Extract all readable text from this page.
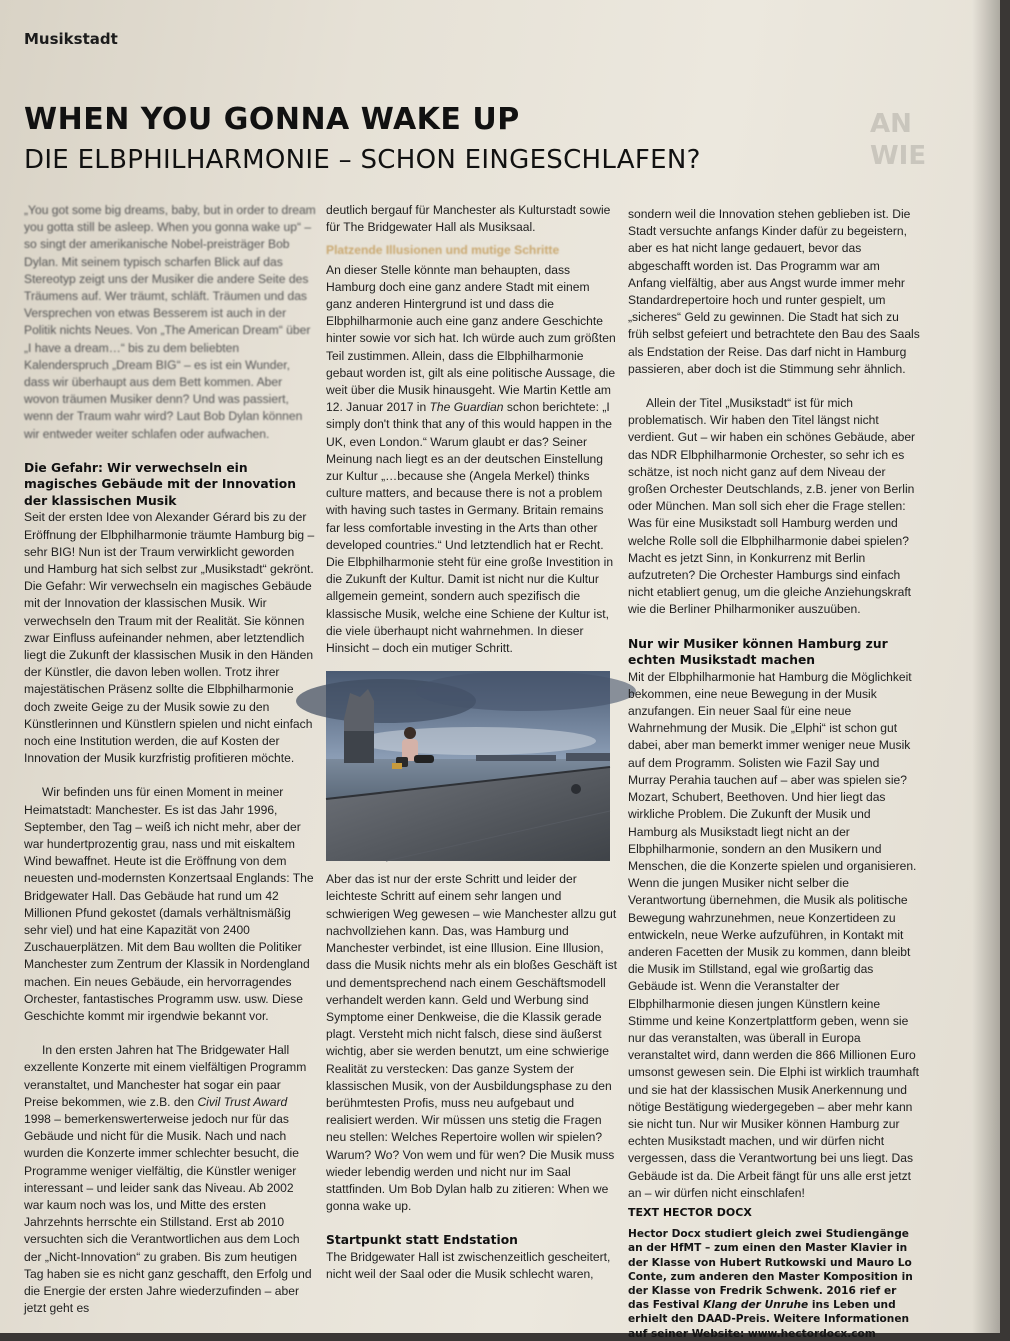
Musikstadt
AN
WIE
WHEN YOU GONNA WAKE UP
DIE ELBPHILHARMONIE – SCHON EINGESCHLAFEN?

„You got some big dreams, baby, but in order to dream you gotta still be asleep. When you gonna wake up“ – so singt der amerikanische Nobel-preisträger Bob Dylan. Mit seinem typisch scharfen Blick auf das Stereotyp zeigt uns der Musiker die andere Seite des Träumens auf. Wer träumt, schläft. Träumen und das Versprechen von etwas Besserem ist auch in der Politik nichts Neues. Von „The American Dream“ über „I have a dream…“ bis zu dem beliebten Kalenderspruch „Dream BIG“ – es ist ein Wunder, dass wir überhaupt aus dem Bett kommen. Aber wovon träumen Musiker denn? Und was passiert, wenn der Traum wahr wird? Laut Bob Dylan können wir entweder weiter schlafen oder aufwachen.

Die Gefahr: Wir verwechseln ein magisches Gebäude mit der Innovation der klassischen Musik

Seit der ersten Idee von Alexander Gérard bis zu der Eröffnung der Elbphilharmonie träumte Hamburg big – sehr BIG! Nun ist der Traum verwirklicht geworden und Hamburg hat sich selbst zur „Musikstadt“ gekrönt. Die Gefahr: Wir verwechseln ein magisches Gebäude mit der Innovation der klassischen Musik. Wir verwechseln den Traum mit der Realität. Sie können zwar Einfluss aufeinander nehmen, aber letztendlich liegt die Zukunft der klassischen Musik in den Händen der Künstler, die davon leben wollen. Trotz ihrer majestätischen Präsenz sollte die Elbphilharmonie doch zweite Geige zu der Musik sowie zu den Künstlerinnen und Künstlern spielen und nicht einfach noch eine Institution werden, die auf Kosten der Innovation der Musik kurzfristig profitieren möchte.

Wir befinden uns für einen Moment in meiner Heimatstadt: Manchester. Es ist das Jahr 1996, September, den Tag – weiß ich nicht mehr, aber der war hundertprozentig grau, nass und mit eiskaltem Wind bewaffnet. Heute ist die Eröffnung von dem neuesten und-modernsten Konzertsaal Englands: The Bridgewater Hall. Das Gebäude hat rund um 42 Millionen Pfund gekostet (damals verhältnismäßig sehr viel) und hat eine Kapazität von 2400 Zuschauerplätzen. Mit dem Bau wollten die Politiker Manchester zum Zentrum der Klassik in Nordengland machen. Ein neues Gebäude, ein hervorragendes Orchester, fantastisches Programm usw. usw. Diese Geschichte kommt mir irgendwie bekannt vor.

In den ersten Jahren hat The Bridgewater Hall exzellente Konzerte mit einem vielfältigen Programm veranstaltet, und Manchester hat sogar ein paar Preise bekommen, wie z.B. den Civil Trust Award 1998 – bemerkenswerterweise jedoch nur für das Gebäude und nicht für die Musik. Nach und nach wurden die Konzerte immer schlechter besucht, die Programme weniger vielfältig, die Künstler weniger interessant – und leider sank das Niveau. Ab 2002 war kaum noch was los, und Mitte des ersten Jahrzehnts herrschte ein Stillstand. Erst ab 2010 versuchten sich die Verantwortlichen aus dem Loch der „Nicht-Innovation“ zu graben. Bis zum heutigen Tag haben sie es nicht ganz geschafft, den Erfolg und die Energie der ersten Jahre wiederzufinden – aber jetzt geht es

deutlich bergauf für Manchester als Kulturstadt sowie für The Bridgewater Hall als Musiksaal.

Platzende Illusionen und mutige Schritte

An dieser Stelle könnte man behaupten, dass Hamburg doch eine ganz andere Stadt mit einem ganz anderen Hintergrund ist und dass die Elbphilharmonie auch eine ganz andere Geschichte hinter sowie vor sich hat. Ich würde auch zum größten Teil zustimmen. Allein, dass die Elbphilharmonie gebaut worden ist, gilt als eine politische Aussage, die weit über die Musik hinausgeht. Wie Martin Kettle am 12. Januar 2017 in The Guardian schon berichtete: „I simply don't think that any of this would happen in the UK, even London.“ Warum glaubt er das? Seiner Meinung nach liegt es an der deutschen Einstellung zur Kultur „…because she (Angela Merkel) thinks culture matters, and because there is not a problem with having such tastes in Germany. Britain remains far less comfortable investing in the Arts than other developed countries.“ Und letztendlich hat er Recht. Die Elbphilharmonie steht für eine große Investition in die Zukunft der Kultur. Damit ist nicht nur die Kultur allgemein gemeint, sondern auch spezifisch die klassische Musik, welche eine Schiene der Kultur ist, die viele überhaupt nicht wahrnehmen. In dieser Hinsicht – doch ein mutiger Schritt.

Aber das ist nur der erste Schritt und leider der leichteste Schritt auf einem sehr langen und schwierigen Weg gewesen – wie Manchester allzu gut nachvollziehen kann. Das, was Hamburg und Manchester verbindet, ist eine Illusion. Eine Illusion, dass die Musik nichts mehr als ein bloßes Geschäft ist und dementsprechend nach einem Geschäftsmodell verhandelt werden kann. Geld und Werbung sind Symptome einer Denkweise, die die Klassik gerade plagt. Versteht mich nicht falsch, diese sind äußerst wichtig, aber sie werden benutzt, um eine schwierige Realität zu verstecken: Das ganze System der klassischen Musik, von der Ausbildungsphase zu den berühmtesten Profis, muss neu aufgebaut und realisiert werden. Wir müssen uns stetig die Fragen neu stellen: Welches Repertoire wollen wir spielen? Warum? Wo? Von wem und für wen? Die Musik muss wieder lebendig werden und nicht nur im Saal stattfinden. Um Bob Dylan halb zu zitieren: When we gonna wake up.

Startpunkt statt Endstation

The Bridgewater Hall ist zwischenzeitlich gescheitert, nicht weil der Saal oder die Musik schlecht waren,

sondern weil die Innovation stehen geblieben ist. Die Stadt versuchte anfangs Kinder dafür zu begeistern, aber es hat nicht lange gedauert, bevor das abgeschafft worden ist. Das Programm war am Anfang vielfältig, aber aus Angst wurde immer mehr Standardrepertoire hoch und runter gespielt, um „sicheres“ Geld zu gewinnen. Die Stadt hat sich zu früh selbst gefeiert und betrachtete den Bau des Saals als Endstation der Reise. Das darf nicht in Hamburg passieren, aber doch ist die Stimmung sehr ähnlich.

Allein der Titel „Musikstadt“ ist für mich problematisch. Wir haben den Titel längst nicht verdient. Gut – wir haben ein schönes Gebäude, aber das NDR Elbphilharmonie Orchester, so sehr ich es schätze, ist noch nicht ganz auf dem Niveau der großen Orchester Deutschlands, z.B. jener von Berlin oder München. Man soll sich eher die Frage stellen: Was für eine Musikstadt soll Hamburg werden und welche Rolle soll die Elbphilharmonie dabei spielen? Macht es jetzt Sinn, in Konkurrenz mit Berlin aufzutreten? Die Orchester Hamburgs sind einfach nicht etabliert genug, um die gleiche Anziehungskraft wie die Berliner Philharmoniker auszuüben.

Nur wir Musiker können Hamburg zur echten Musikstadt machen

Mit der Elbphilharmonie hat Hamburg die Möglichkeit bekommen, eine neue Bewegung in der Musik anzufangen. Ein neuer Saal für eine neue Wahrnehmung der Musik. Die „Elphi“ ist schon gut dabei, aber man bemerkt immer weniger neue Musik auf dem Programm. Solisten wie Fazil Say und Murray Perahia tauchen auf – aber was spielen sie? Mozart, Schubert, Beethoven. Und hier liegt das wirkliche Problem. Die Zukunft der Musik und Hamburg als Musikstadt liegt nicht an der Elbphilharmonie, sondern an den Musikern und Menschen, die die Konzerte spielen und organisieren. Wenn die jungen Musiker nicht selber die Verantwortung übernehmen, die Musik als politische Bewegung wahrzunehmen, neue Konzertideen zu entwickeln, neue Werke aufzuführen, in Kontakt mit anderen Facetten der Musik zu kommen, dann bleibt die Musik im Stillstand, egal wie großartig das Gebäude ist. Wenn die Veranstalter der Elbphilharmonie diesen jungen Künstlern keine Stimme und keine Konzertplattform geben, wenn sie nur das veranstalten, was überall in Europa veranstaltet wird, dann werden die 866 Millionen Euro umsonst gewesen sein. Die Elphi ist wirklich traumhaft und sie hat der klassischen Musik Anerkennung und nötige Bestätigung wiedergegeben – aber mehr kann sie nicht tun. Nur wir Musiker können Hamburg zur echten Musikstadt machen, und wir dürfen nicht vergessen, dass die Verantwortung bei uns liegt. Das Gebäude ist da. Die Arbeit fängt für uns alle erst jetzt an – wir dürfen nicht einschlafen!

TEXT HECTOR DOCX

Hector Docx studiert gleich zwei Studiengänge an der HfMT – zum einen den Master Klavier in der Klasse von Hubert Rutkowski und Mauro Lo Conte, zum anderen den Master Komposition in der Klasse von Fredrik Schwenk. 2016 rief er das Festival Klang der Unruhe ins Leben und erhielt den DAAD-Preis. Weitere Informationen auf seiner Website: www.hectordocx.com
